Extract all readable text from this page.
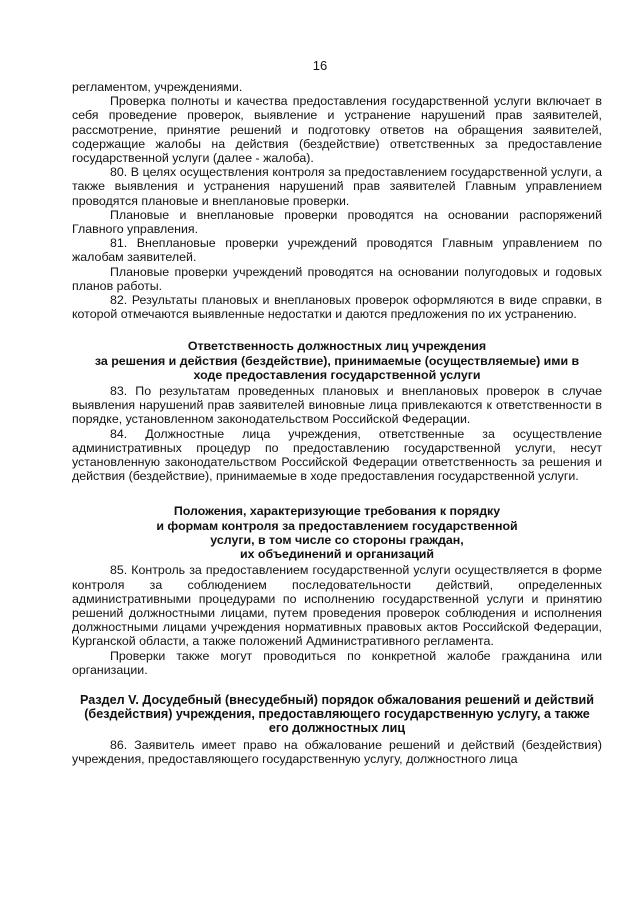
16

регламентом, учреждениями.

Проверка полноты и качества предоставления государственной услуги включает в себя проведение проверок, выявление и устранение нарушений прав заявителей, рассмотрение, принятие решений и подготовку ответов на обращения заявителей, содержащие жалобы на действия (бездействие) ответственных за предоставление государственной услуги (далее - жалоба).

80. В целях осуществления контроля за предоставлением государственной услуги, а также выявления и устранения нарушений прав заявителей Главным управлением проводятся плановые и внеплановые проверки.

Плановые и внеплановые проверки проводятся на основании распоряжений Главного управления.

81. Внеплановые проверки учреждений проводятся Главным управлением по жалобам заявителей.

Плановые проверки учреждений проводятся на основании полугодовых и годовых планов работы.

82. Результаты плановых и внеплановых проверок оформляются в виде справки, в которой отмечаются выявленные недостатки и даются предложения по их устранению.

Ответственность должностных лиц учреждения
за решения и действия (бездействие), принимаемые (осуществляемые) ими в
ходе предоставления государственной услуги

83. По результатам проведенных плановых и внеплановых проверок в случае выявления нарушений прав заявителей виновные лица привлекаются к ответственности в порядке, установленном законодательством Российской Федерации.

84. Должностные лица учреждения, ответственные за осуществление административных процедур по предоставлению государственной услуги, несут установленную законодательством Российской Федерации ответственность за решения и действия (бездействие), принимаемые в ходе предоставления государственной услуги.

Положения, характеризующие требования к порядку
и формам контроля за предоставлением государственной
услуги, в том числе со стороны граждан,
их объединений и организаций

85. Контроль за предоставлением государственной услуги осуществляется в форме контроля за соблюдением последовательности действий, определенных административными процедурами по исполнению государственной услуги и принятию решений должностными лицами, путем проведения проверок соблюдения и исполнения должностными лицами учреждения нормативных правовых актов Российской Федерации, Курганской области, а также положений Административного регламента.

Проверки также могут проводиться по конкретной жалобе гражданина или организации.

Раздел V. Досудебный (внесудебный) порядок обжалования решений и действий
(бездействия) учреждения, предоставляющего государственную услугу, а также
его должностных лиц

86. Заявитель имеет право на обжалование решений и действий (бездействия) учреждения, предоставляющего государственную услугу, должностного лица
